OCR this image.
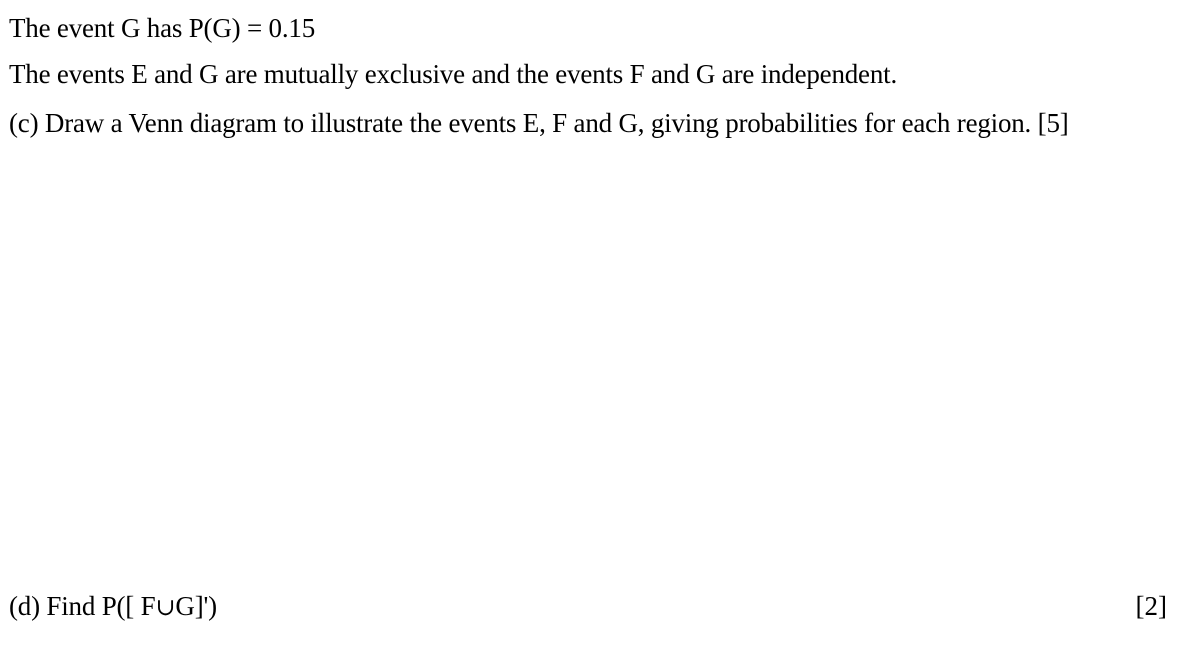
The event G has P(G) = 0.15
The events E and G are mutually exclusive and the events F and G are independent.
(c) Draw a Venn diagram to illustrate the events E, F and G, giving probabilities for each region. [5]
(d) Find P([ F∪G]')	[2]
